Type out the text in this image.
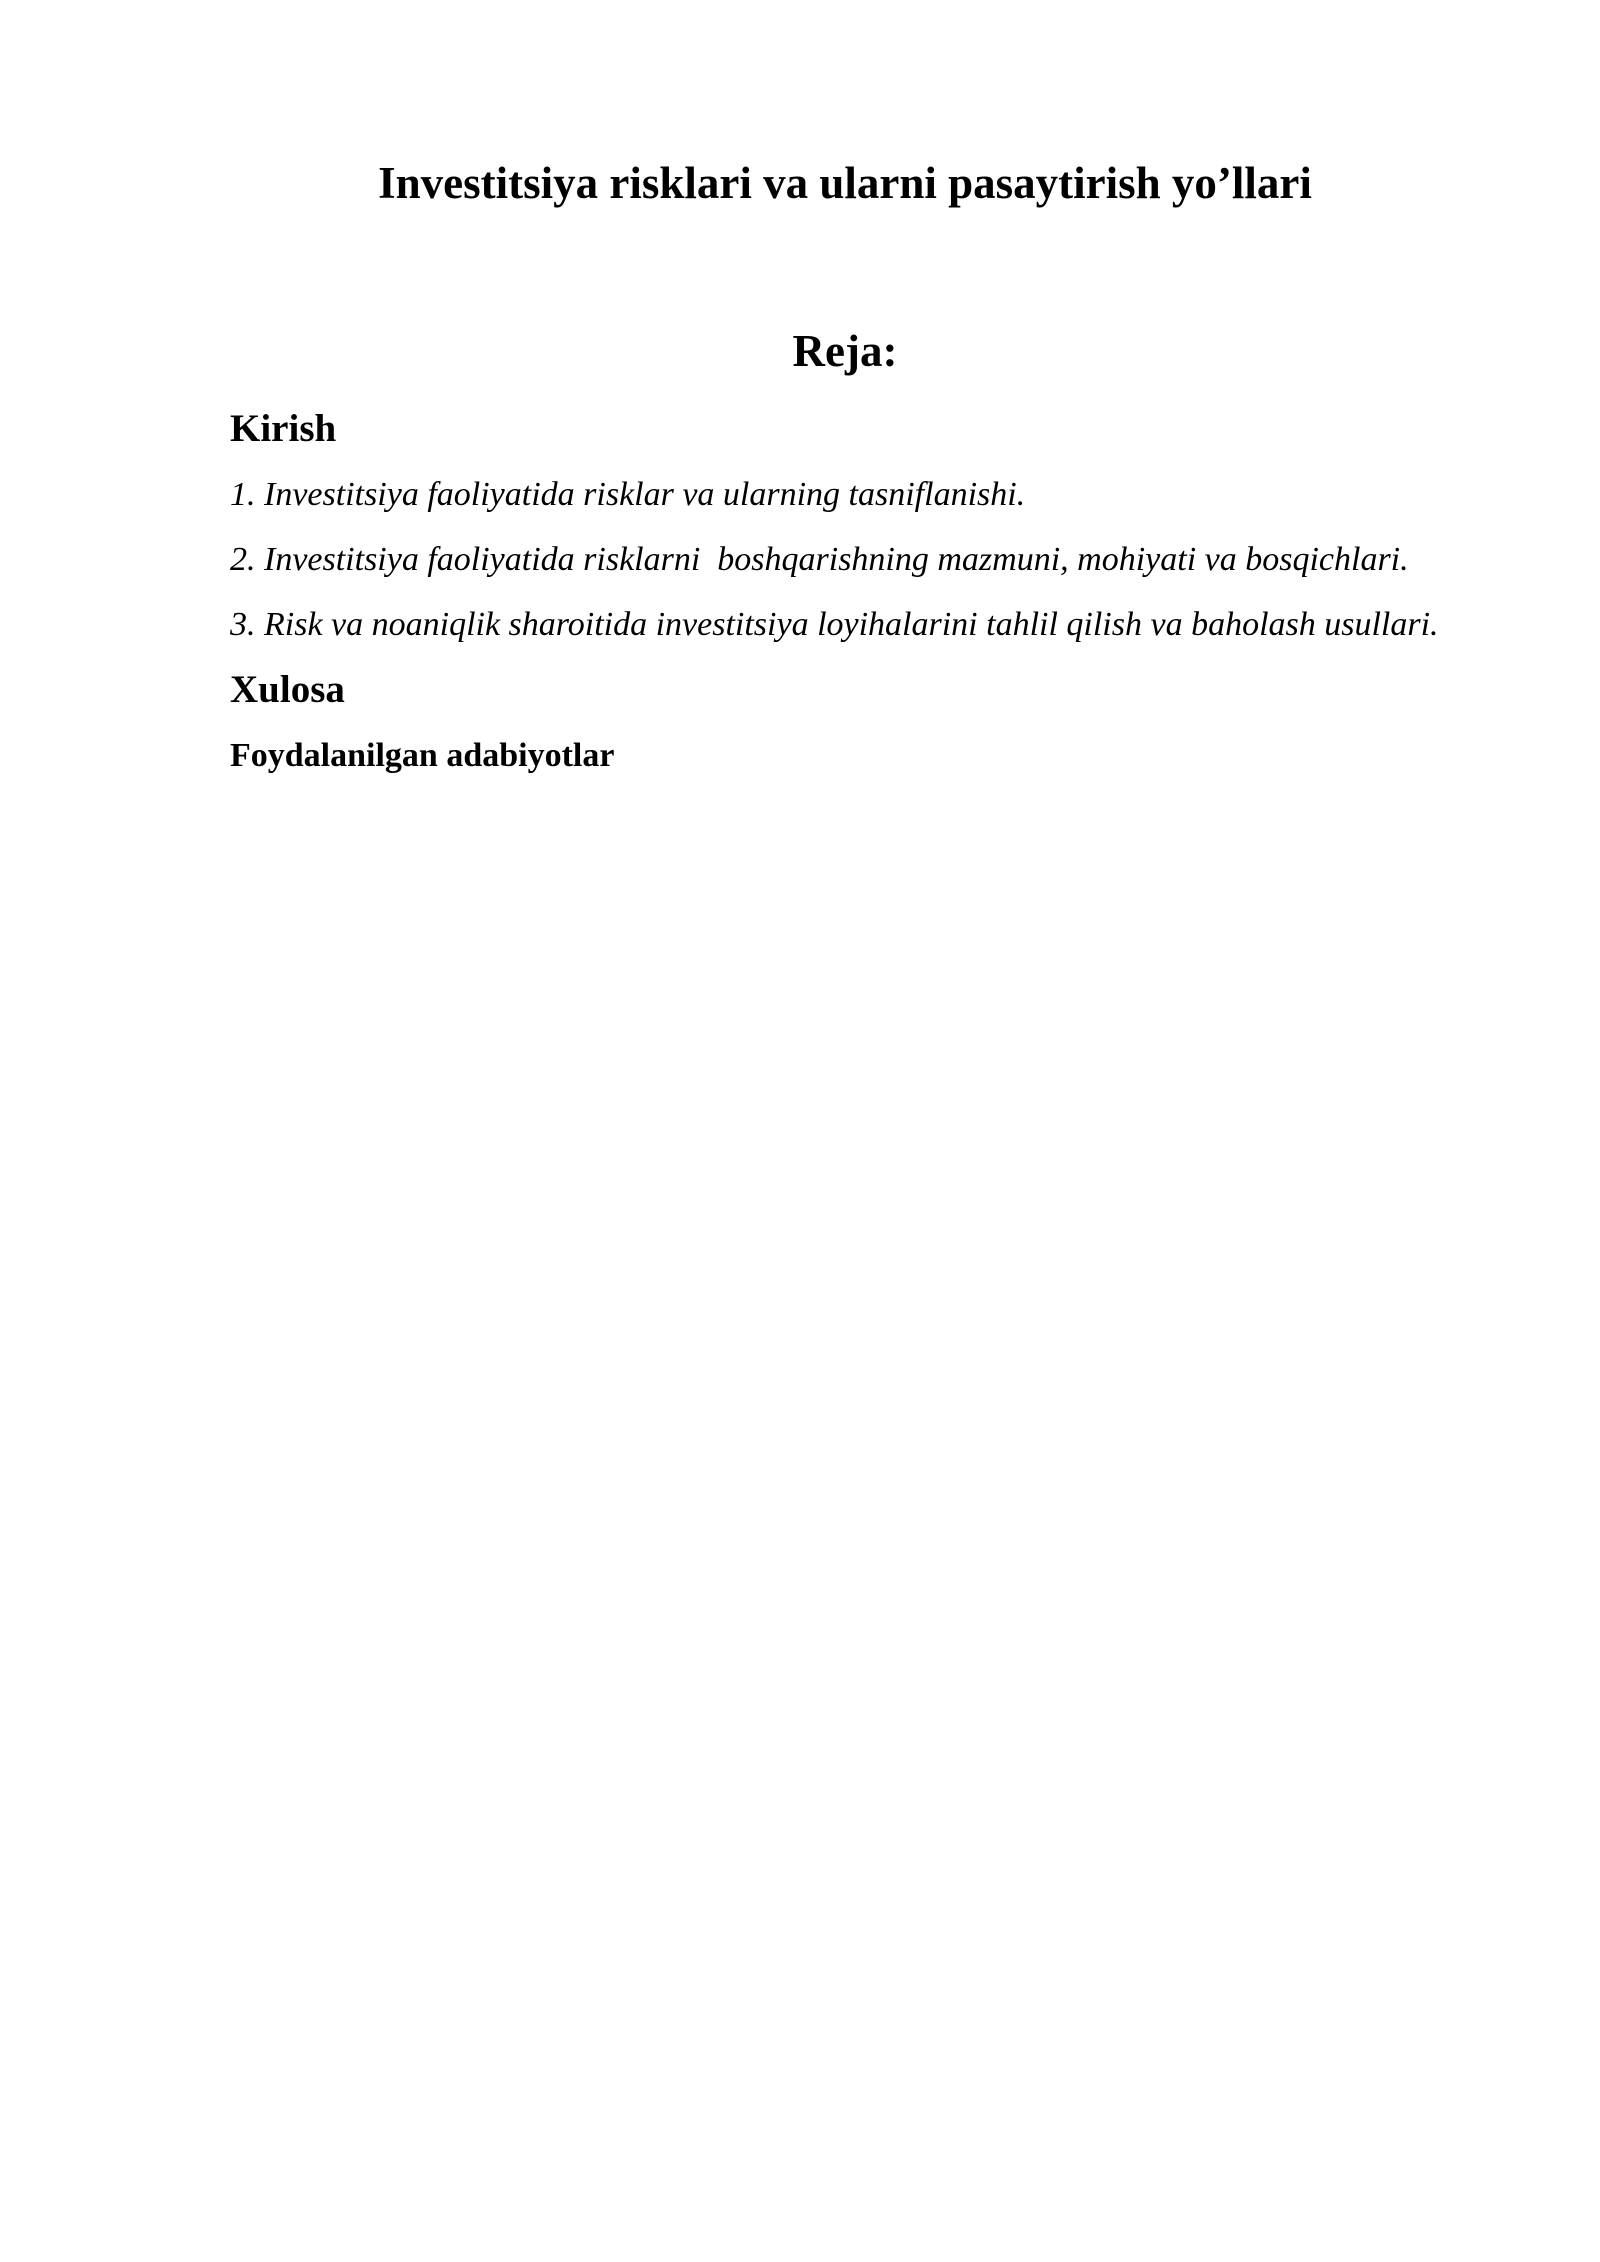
Investitsiya risklari va ularni pasaytirish yo’llari
Reja:
Kirish

1. Investitsiya faoliyatida risklar va ularning tasniflanishi.

2. Investitsiya faoliyatida risklarni  boshqarishning mazmuni, mohiyati va bosqichlari.

3. Risk va noaniqlik sharoitida investitsiya loyihalarini tahlil qilish va baholash usullari.

Xulosa
Foydalanilgan adabiyotlar
